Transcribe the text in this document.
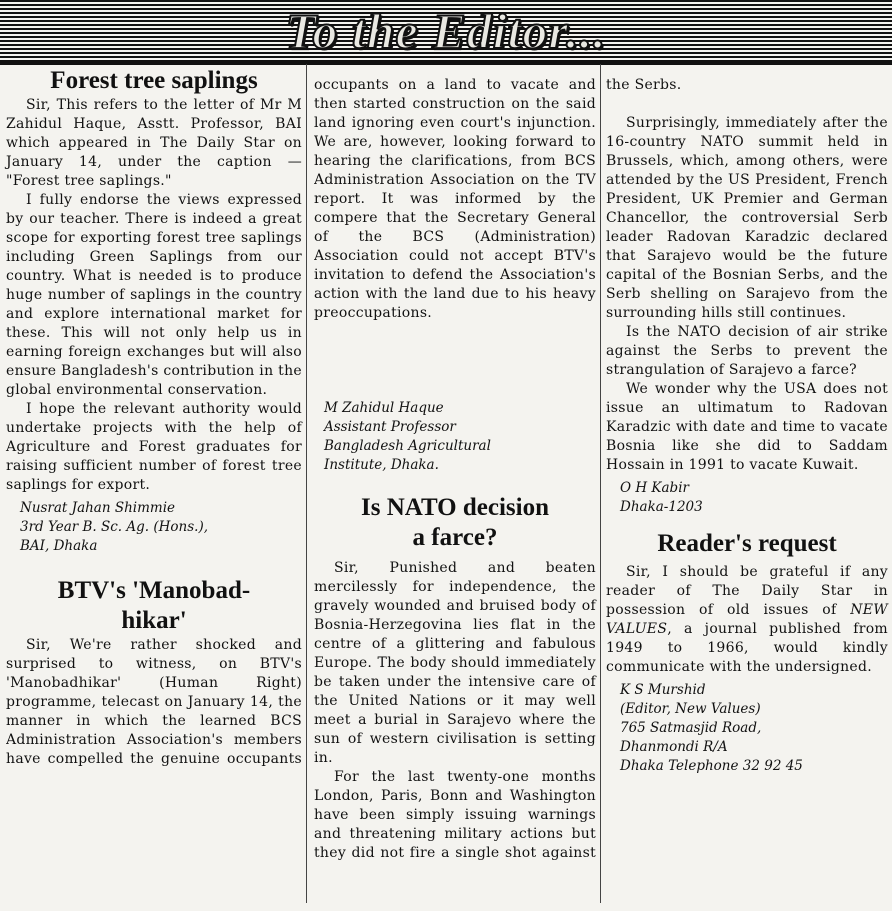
To the Editor...
Forest tree saplings

Sir, This refers to the letter of Mr M Zahidul Haque, Asstt. Professor, BAI which appeared in The Daily Star on January 14, under the caption — "Forest tree saplings."

I fully endorse the views expressed by our teacher. There is indeed a great scope for exporting forest tree saplings including Green Saplings from our country. What is needed is to produce huge number of saplings in the country and explore international market for these. This will not only help us in earning foreign exchanges but will also ensure Bangladesh's contribution in the global environmental conservation.

I hope the relevant authority would undertake projects with the help of Agriculture and Forest graduates for raising sufficient number of forest tree saplings for export.

Nusrat Jahan Shimmie
3rd Year B. Sc. Ag. (Hons.),
BAI, Dhaka
BTV's 'Manobad-
hikar'

Sir, We're rather shocked and surprised to witness, on BTV's 'Manobadhikar' (Human Right) programme, telecast on January 14, the manner in which the learned BCS Administration Association's members have compelled the genuine occupants

occupants on a land to vacate and then started construction on the said land ignoring even court's injunction. We are, however, looking forward to hearing the clarifications, from BCS Administration Association on the TV report. It was informed by the compere that the Secretary General of the BCS (Administration) Association could not accept BTV's invitation to defend the Association's action with the land due to his heavy preoccupations.

M Zahidul Haque
Assistant Professor
Bangladesh Agricultural
Institute, Dhaka.
Is NATO decision
a farce?

Sir, Punished and beaten mercilessly for independence, the gravely wounded and bruised body of Bosnia-Herzegovina lies flat in the centre of a glittering and fabulous Europe. The body should immediately be taken under the intensive care of the United Nations or it may well meet a burial in Sarajevo where the sun of western civilisation is setting in.

For the last twenty-one months London, Paris, Bonn and Washington have been simply issuing warnings and threatening military actions but they did not fire a single shot against

the Serbs.

Surprisingly, immediately after the 16-country NATO summit held in Brussels, which, among others, were attended by the US President, French President, UK Premier and German Chancellor, the controversial Serb leader Radovan Karadzic declared that Sarajevo would be the future capital of the Bosnian Serbs, and the Serb shelling on Sarajevo from the surrounding hills still continues.

Is the NATO decision of air strike against the Serbs to prevent the strangulation of Sarajevo a farce?

We wonder why the USA does not issue an ultimatum to Radovan Karadzic with date and time to vacate Bosnia like she did to Saddam Hossain in 1991 to vacate Kuwait.

O H Kabir
Dhaka-1203
Reader's request

Sir, I should be grateful if any reader of The Daily Star in possession of old issues of NEW VALUES, a journal published from 1949 to 1966, would kindly communicate with the undersigned.

K S Murshid
(Editor, New Values)
765 Satmasjid Road,
Dhanmondi R/A
Dhaka Telephone 32 92 45
